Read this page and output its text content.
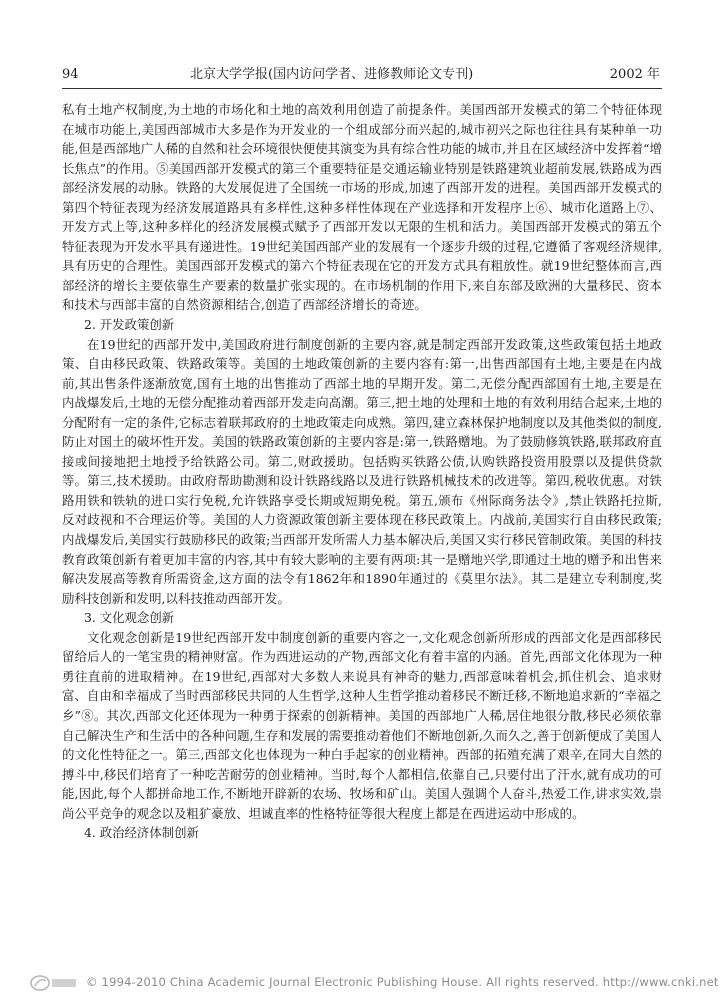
94	北京大学学报(国内访问学者、进修教师论文专刊)	2002 年

私有土地产权制度,为土地的市场化和土地的高效利用创造了前提条件。美国西部开发模式的第二个特征体现在城市功能上,美国西部城市大多是作为开发业的一个组成部分而兴起的,城市初兴之际也往往具有某种单一功能,但是西部地广人稀的自然和社会环境很快便使其演变为具有综合性功能的城市,并且在区域经济中发挥着“增长焦点”的作用。⑤美国西部开发模式的第三个重要特征是交通运输业特别是铁路建筑业超前发展,铁路成为西部经济发展的动脉。铁路的大发展促进了全国统一市场的形成,加速了西部开发的进程。美国西部开发模式的第四个特征表现为经济发展道路具有多样性,这种多样性体现在产业选择和开发程序上⑥、城市化道路上⑦、开发方式上等,这种多样化的经济发展模式赋予了西部开发以无限的生机和活力。美国西部开发模式的第五个特征表现为开发水平具有递进性。19世纪美国西部产业的发展有一个逐步升级的过程,它遵循了客观经济规律,具有历史的合理性。美国西部开发模式的第六个特征表现在它的开发方式具有粗放性。就19世纪整体而言,西部经济的增长主要依靠生产要素的数量扩张实现的。在市场机制的作用下,来自东部及欧洲的大量移民、资本和技术与西部丰富的自然资源相结合,创造了西部经济增长的奇迹。

2. 开发政策创新

在19世纪的西部开发中,美国政府进行制度创新的主要内容,就是制定西部开发政策,这些政策包括土地政策、自由移民政策、铁路政策等。美国的土地政策创新的主要内容有:第一,出售西部国有土地,主要是在内战前,其出售条件逐渐放宽,国有土地的出售推动了西部土地的早期开发。第二,无偿分配西部国有土地,主要是在内战爆发后,土地的无偿分配推动着西部开发走向高潮。第三,把土地的处理和土地的有效利用结合起来,土地的分配附有一定的条件,它标志着联邦政府的土地政策走向成熟。第四,建立森林保护地制度以及其他类似的制度,防止对国土的破坏性开发。美国的铁路政策创新的主要内容是:第一,铁路赠地。为了鼓励修筑铁路,联邦政府直接或间接地把土地授予给铁路公司。第二,财政援助。包括购买铁路公债,认购铁路投资用股票以及提供贷款等。第三,技术援助。由政府帮助勘测和设计铁路线路以及进行铁路机械技术的改进等。第四,税收优惠。对铁路用铁和铁轨的进口实行免税,允许铁路享受长期或短期免税。第五,颁布《州际商务法令》,禁止铁路托拉斯,反对歧视和不合理运价等。美国的人力资源政策创新主要体现在移民政策上。内战前,美国实行自由移民政策;内战爆发后,美国实行鼓励移民的政策;当西部开发所需人力基本解决后,美国又实行移民管制政策。美国的科技教育政策创新有着更加丰富的内容,其中有较大影响的主要有两项:其一是赠地兴学,即通过土地的赠予和出售来解决发展高等教育所需资金,这方面的法令有1862年和1890年通过的《莫里尔法》。其二是建立专利制度,奖励科技创新和发明,以科技推动西部开发。

3. 文化观念创新

文化观念创新是19世纪西部开发中制度创新的重要内容之一,文化观念创新所形成的西部文化是西部移民留给后人的一笔宝贵的精神财富。作为西进运动的产物,西部文化有着丰富的内涵。首先,西部文化体现为一种勇往直前的进取精神。在19世纪,西部对大多数人来说具有神奇的魅力,西部意味着机会,抓住机会、追求财富、自由和幸福成了当时西部移民共同的人生哲学,这种人生哲学推动着移民不断迁移,不断地追求新的“幸福之乡”⑧。其次,西部文化还体现为一种勇于探索的创新精神。美国的西部地广人稀,居住地很分散,移民必须依靠自己解决生产和生活中的各种问题,生存和发展的需要推动着他们不断地创新,久而久之,善于创新便成了美国人的文化性特征之一。第三,西部文化也体现为一种白手起家的创业精神。西部的拓殖充满了艰辛,在同大自然的搏斗中,移民们培育了一种吃苦耐劳的创业精神。当时,每个人都相信,依靠自己,只要付出了汗水,就有成功的可能,因此,每个人都拼命地工作,不断地开辟新的农场、牧场和矿山。美国人强调个人奋斗,热爱工作,讲求实效,崇尚公平竞争的观念以及粗犷豪放、坦诚直率的性格特征等很大程度上都是在西进运动中形成的。

4. 政治经济体制创新
© 1994-2010 China Academic Journal Electronic Publishing House. All rights reserved. http://www.cnki.net
